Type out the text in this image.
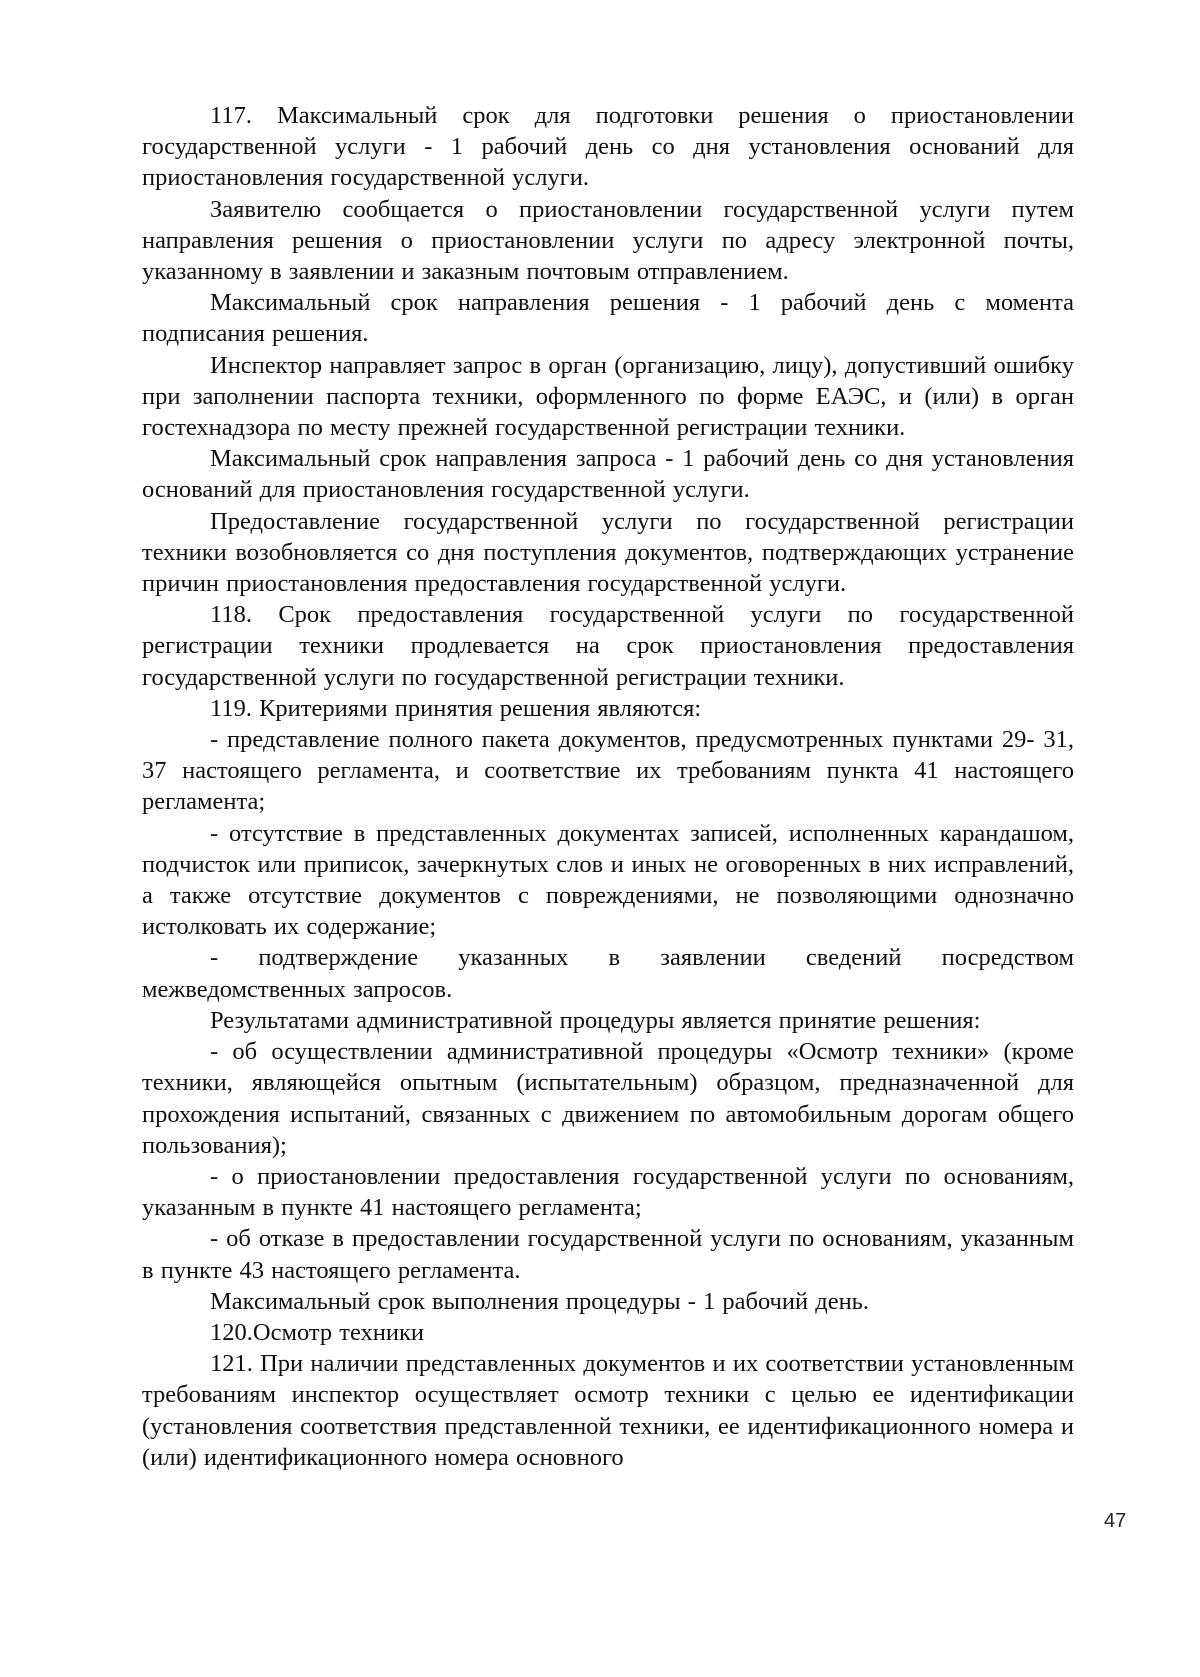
117. Максимальный срок для подготовки решения о приостановлении государственной услуги - 1 рабочий день со дня установления оснований для приостановления государственной услуги.

Заявителю сообщается о приостановлении государственной услуги путем направления решения о приостановлении услуги по адресу электронной почты, указанному в заявлении и заказным почтовым отправлением.

Максимальный срок направления решения - 1 рабочий день с момента подписания решения.

Инспектор направляет запрос в орган (организацию, лицу), допустивший ошибку при заполнении паспорта техники, оформленного по форме ЕАЭС, и (или) в орган гостехнадзора по месту прежней государственной регистрации техники.

Максимальный срок направления запроса - 1 рабочий день со дня установления оснований для приостановления государственной услуги.

Предоставление государственной услуги по государственной регистрации техники возобновляется со дня поступления документов, подтверждающих устранение причин приостановления предоставления государственной услуги.

118. Срок предоставления государственной услуги по государственной регистрации техники продлевается на срок приостановления предоставления государственной услуги по государственной регистрации техники.

119. Критериями принятия решения являются:

- представление полного пакета документов, предусмотренных пунктами 29- 31, 37 настоящего регламента, и соответствие их требованиям пункта 41 настоящего регламента;

- отсутствие в представленных документах записей, исполненных карандашом, подчисток или приписок, зачеркнутых слов и иных не оговоренных в них исправлений, а также отсутствие документов с повреждениями, не позволяющими однозначно истолковать их содержание;

- подтверждение указанных в заявлении сведений посредством межведомственных запросов.

Результатами административной процедуры является принятие решения:

- об осуществлении административной процедуры «Осмотр техники» (кроме техники, являющейся опытным (испытательным) образцом, предназначенной для прохождения испытаний, связанных с движением по автомобильным дорогам общего пользования);

- о приостановлении предоставления государственной услуги по основаниям, указанным в пункте 41 настоящего регламента;

- об отказе в предоставлении государственной услуги по основаниям, указанным в пункте 43 настоящего регламента.

Максимальный срок выполнения процедуры - 1 рабочий день.

120.Осмотр техники

121. При наличии представленных документов и их соответствии установленным требованиям инспектор осуществляет осмотр техники с целью ее идентификации (установления соответствия представленной техники, ее идентификационного номера и (или) идентификационного номера основного

47
